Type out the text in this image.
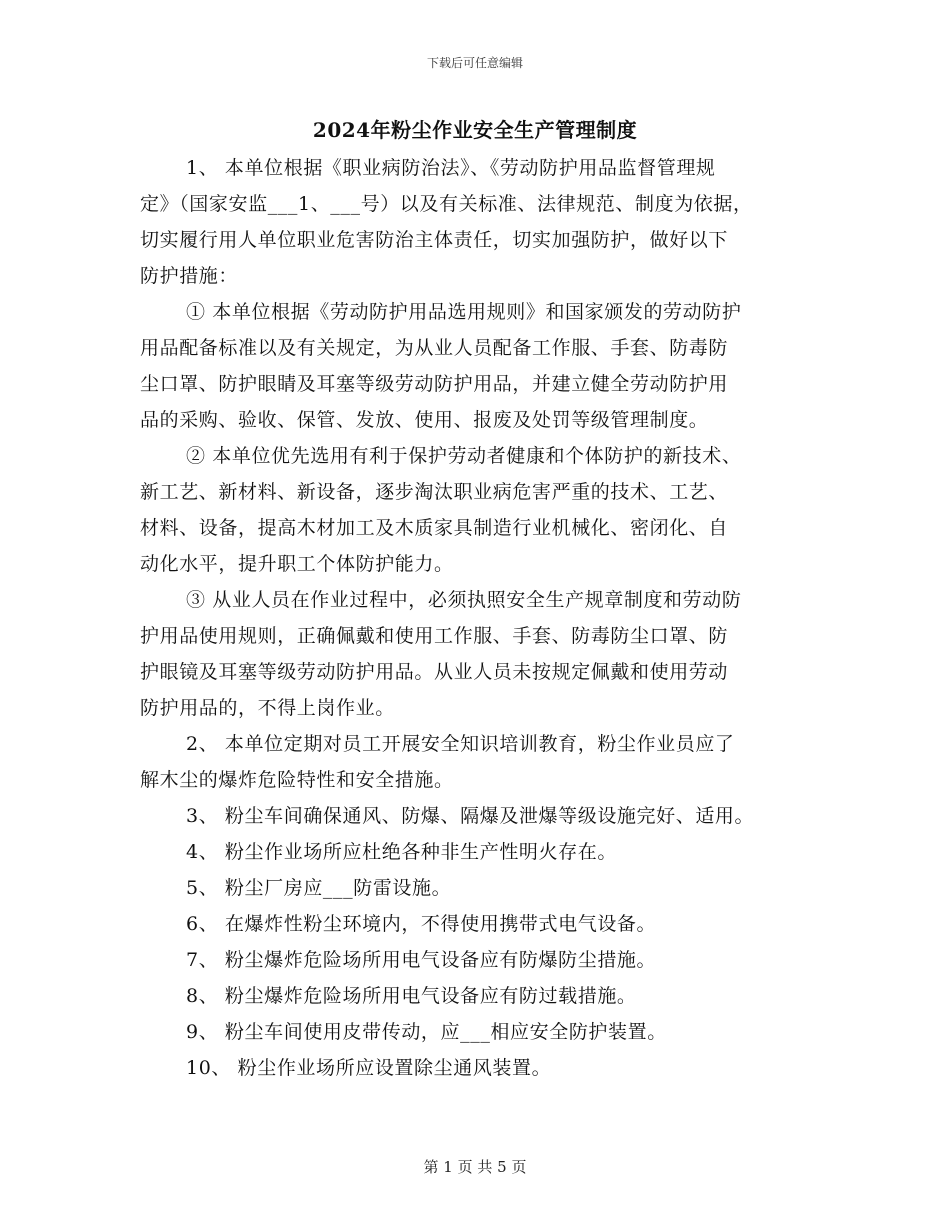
下载后可任意编辑
2024年粉尘作业安全生产管理制度
1、 本单位根据《职业病防治法》、《劳动防护用品监督管理规
定》（国家安监___1、___号）以及有关标准、法律规范、制度为依据，
切实履行用人单位职业危害防治主体责任，切实加强防护，做好以下
防护措施：
① 本单位根据《劳动防护用品选用规则》和国家颁发的劳动防护
用品配备标准以及有关规定，为从业人员配备工作服、手套、防毒防
尘口罩、防护眼睛及耳塞等级劳动防护用品，并建立健全劳动防护用
品的采购、验收、保管、发放、使用、报废及处罚等级管理制度。
② 本单位优先选用有利于保护劳动者健康和个体防护的新技术、
新工艺、新材料、新设备，逐步淘汰职业病危害严重的技术、工艺、
材料、设备，提高木材加工及木质家具制造行业机械化、密闭化、自
动化水平，提升职工个体防护能力。
③ 从业人员在作业过程中，必须执照安全生产规章制度和劳动防
护用品使用规则，正确佩戴和使用工作服、手套、防毒防尘口罩、防
护眼镜及耳塞等级劳动防护用品。从业人员未按规定佩戴和使用劳动
防护用品的，不得上岗作业。
2、 本单位定期对员工开展安全知识培训教育，粉尘作业员应了
解木尘的爆炸危险特性和安全措施。
3、 粉尘车间确保通风、防爆、隔爆及泄爆等级设施完好、适用。
4、 粉尘作业场所应杜绝各种非生产性明火存在。
5、 粉尘厂房应___防雷设施。
6、 在爆炸性粉尘环境内，不得使用携带式电气设备。
7、 粉尘爆炸危险场所用电气设备应有防爆防尘措施。
8、 粉尘爆炸危险场所用电气设备应有防过载措施。
9、 粉尘车间使用皮带传动，应___相应安全防护装置。
10、 粉尘作业场所应设置除尘通风装置。
第 1 页 共 5 页
